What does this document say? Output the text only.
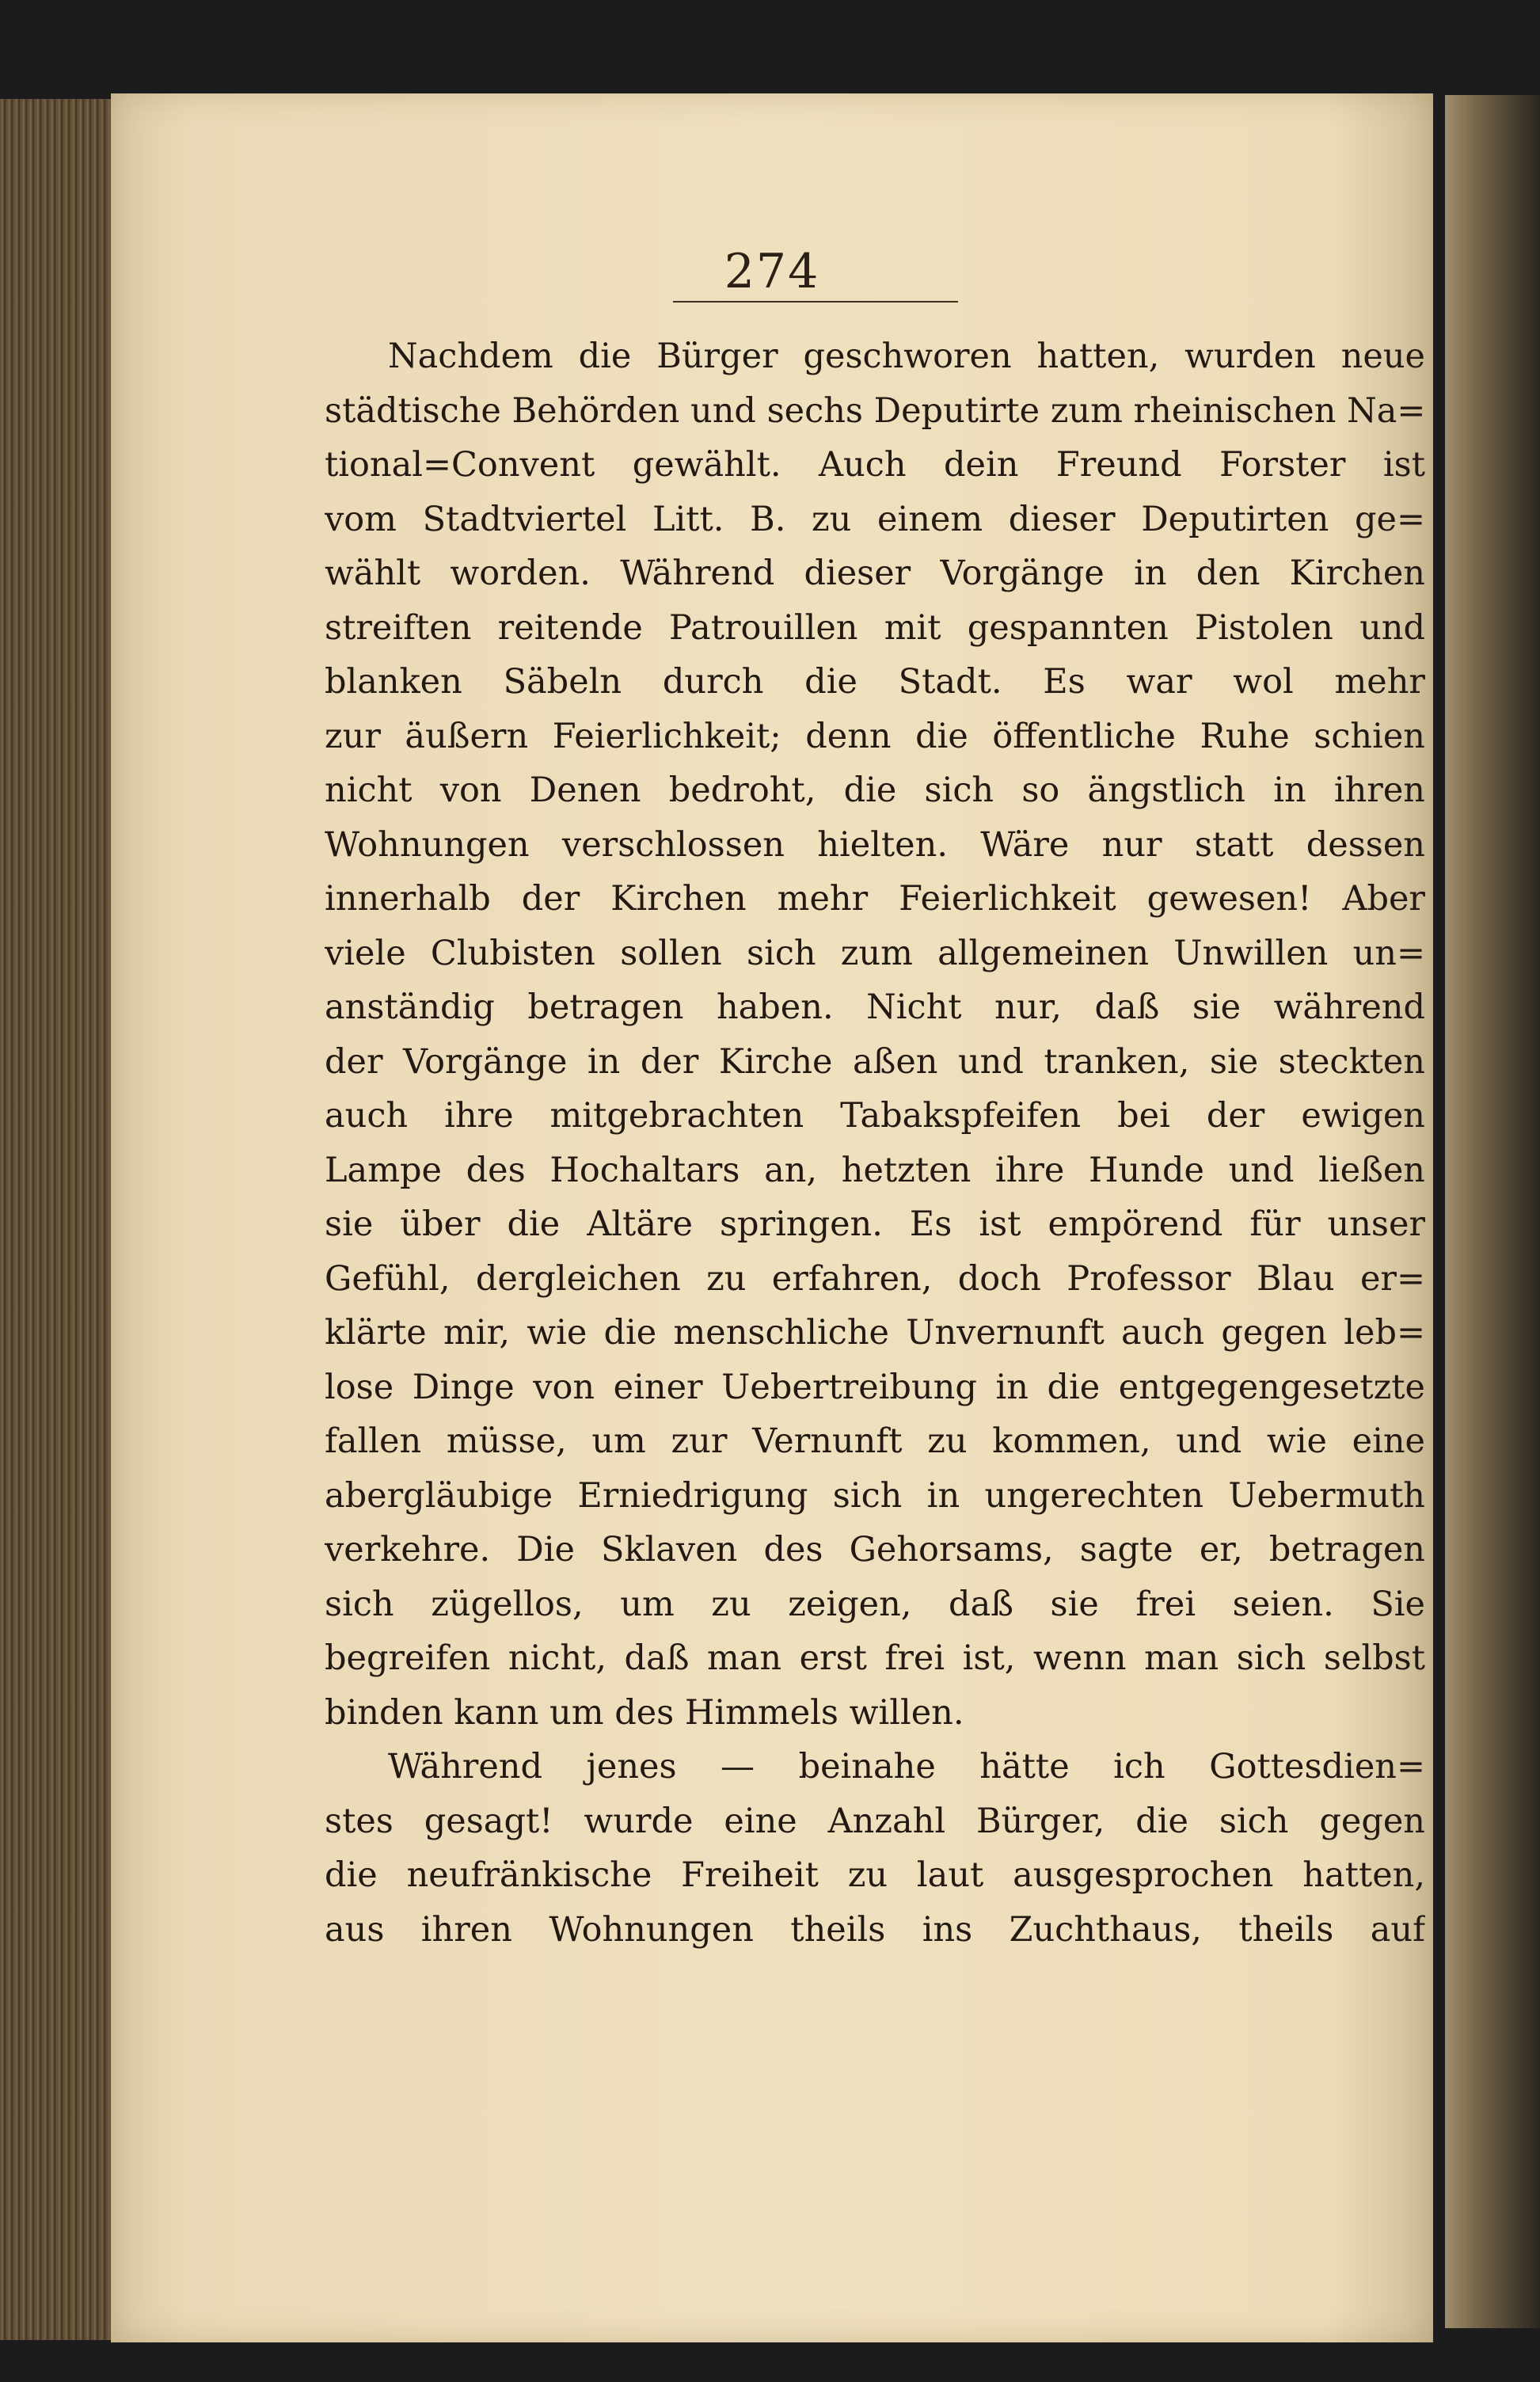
274
Nachdem die Bürger geschworen hatten, wurden neue
städtische Behörden und sechs Deputirte zum rheinischen Na=
tional=Convent gewählt. Auch dein Freund Forster ist
vom Stadtviertel Litt. B. zu einem dieser Deputirten ge=
wählt worden. Während dieser Vorgänge in den Kirchen
streiften reitende Patrouillen mit gespannten Pistolen und
blanken Säbeln durch die Stadt. Es war wol mehr
zur äußern Feierlichkeit; denn die öffentliche Ruhe schien
nicht von Denen bedroht, die sich so ängstlich in ihren
Wohnungen verschlossen hielten. Wäre nur statt dessen
innerhalb der Kirchen mehr Feierlichkeit gewesen! Aber
viele Clubisten sollen sich zum allgemeinen Unwillen un=
anständig betragen haben. Nicht nur, daß sie während
der Vorgänge in der Kirche aßen und tranken, sie steckten
auch ihre mitgebrachten Tabakspfeifen bei der ewigen
Lampe des Hochaltars an, hetzten ihre Hunde und ließen
sie über die Altäre springen. Es ist empörend für unser
Gefühl, dergleichen zu erfahren, doch Professor Blau er=
klärte mir, wie die menschliche Unvernunft auch gegen leb=
lose Dinge von einer Uebertreibung in die entgegengesetzte
fallen müsse, um zur Vernunft zu kommen, und wie eine
abergläubige Erniedrigung sich in ungerechten Uebermuth
verkehre. Die Sklaven des Gehorsams, sagte er, betragen
sich zügellos, um zu zeigen, daß sie frei seien. Sie
begreifen nicht, daß man erst frei ist, wenn man sich selbst
binden kann um des Himmels willen.
Während jenes — beinahe hätte ich Gottesdien=
stes gesagt! wurde eine Anzahl Bürger, die sich gegen
die neufränkische Freiheit zu laut ausgesprochen hatten,
aus ihren Wohnungen theils ins Zuchthaus, theils auf
